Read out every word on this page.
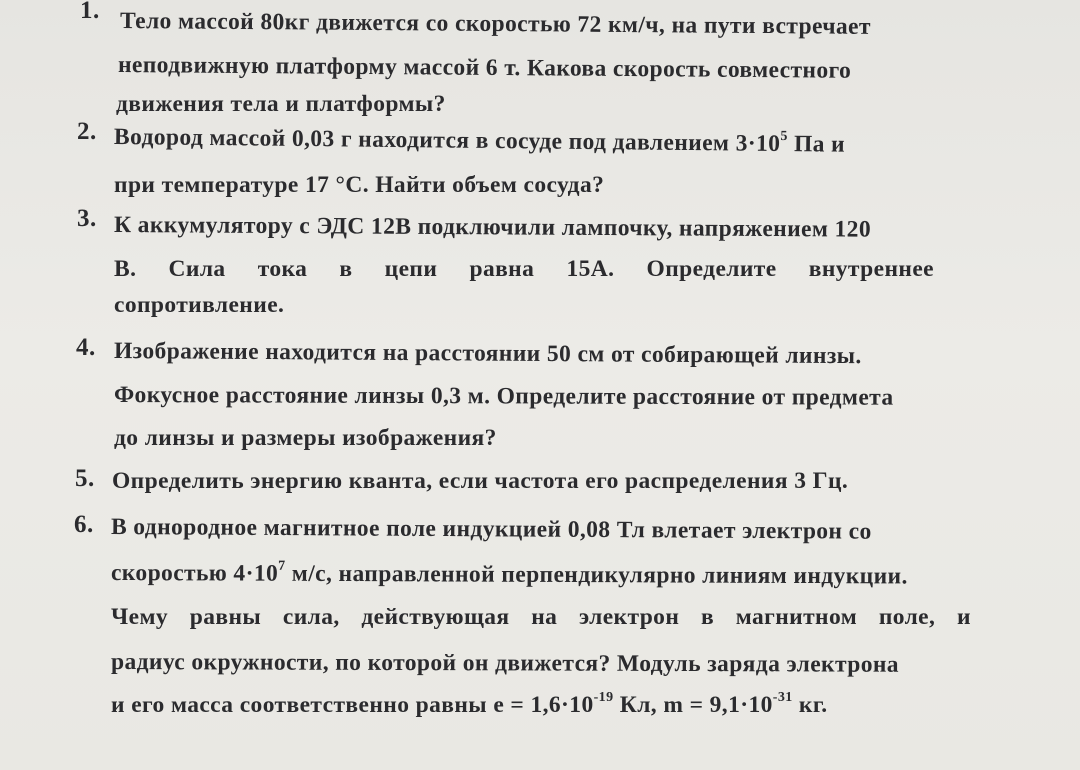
1. Тело массой 80кг движется со скоростью 72 км/ч, на пути встречает
неподвижную платформу массой 6 т. Какова скорость совместного
движения тела и платформы?
2. Водород массой 0,03 г находится в сосуде под давлением $3\cdot 10^5$ Па и
при температуре 17 °С. Найти объем сосуда?
3. К аккумулятору с ЭДС 12В подключили лампочку, напряжением 120
В. Сила тока в цепи равна 15А. Определите внутреннее
сопротивление.
4. Изображение находится на расстоянии 50 см от собирающей линзы.
Фокусное расстояние линзы 0,3 м. Определите расстояние от предмета
до линзы и размеры изображения?
5. Определить энергию кванта, если частота его распределения 3 Гц.
6. В однородное магнитное поле индукцией 0,08 Тл влетает электрон со
скоростью $4\cdot 10^7$ м/с, направленной перпендикулярно линиям индукции.
Чему равны сила, действующая на электрон в магнитном поле, и
радиус окружности, по которой он движется? Модуль заряда электрона
и его масса соответственно равны $е = 1,6\cdot 10^{-19}$ Кл, $m = 9,1\cdot 10^{-31}$ кг.
